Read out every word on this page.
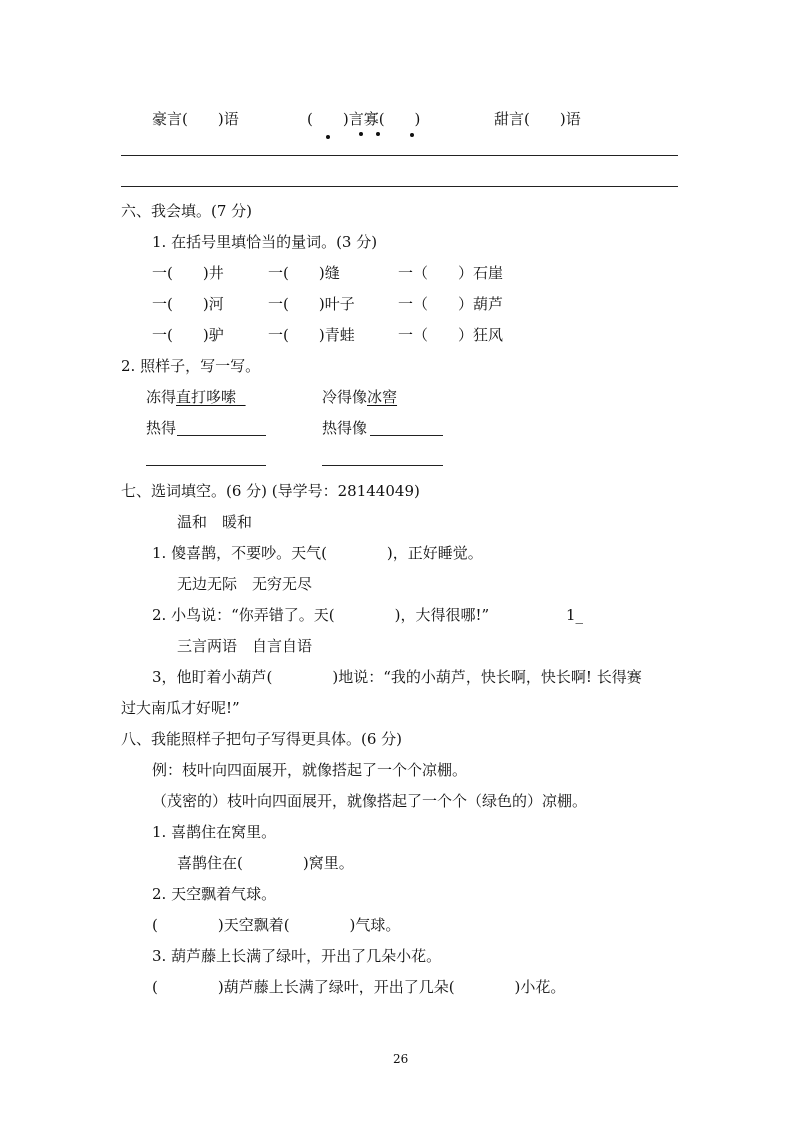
豪言(　　)语	(　　)言寡(　　)	甜言(　　)语
六、我会填。(7 分)
1. 在括号里填恰当的量词。(3 分)
一(　　)井	一(　　)缝	一（　　）石崖
一(　　)河	一(　　)叶子	一（　　）葫芦
一(　　)驴	一(　　)青蛙	一（　　）狂风
2. 照样子，写一写。
冻得直打哆嗦	冷得像冰窖
热得	热得像
七、选词填空。(6 分) (导学号：28144049)
温和　暖和
1. 傻喜鹊，不要吵。天气(　　　　)，正好睡觉。
无边无际　无穷无尽
2. 小鸟说：“你弄错了。天(　　　　)，大得很哪!”	1_
三言两语　自言自语
3，他盯着小葫芦(　　　　)地说：“我的小葫芦，快长啊，快长啊! 长得赛
过大南瓜才好呢!”
八、我能照样子把句子写得更具体。(6 分)
例：枝叶向四面展开，就像搭起了一个个凉棚。
（茂密的）枝叶向四面展开，就像搭起了一个个（绿色的）凉棚。
1. 喜鹊住在窝里。
喜鹊住在(　　　　)窝里。
2. 天空飘着气球。
(　　　　)天空飘着(　　　　)气球。
3. 葫芦藤上长满了绿叶，开出了几朵小花。
(　　　　)葫芦藤上长满了绿叶，开出了几朵(　　　　)小花。
26
